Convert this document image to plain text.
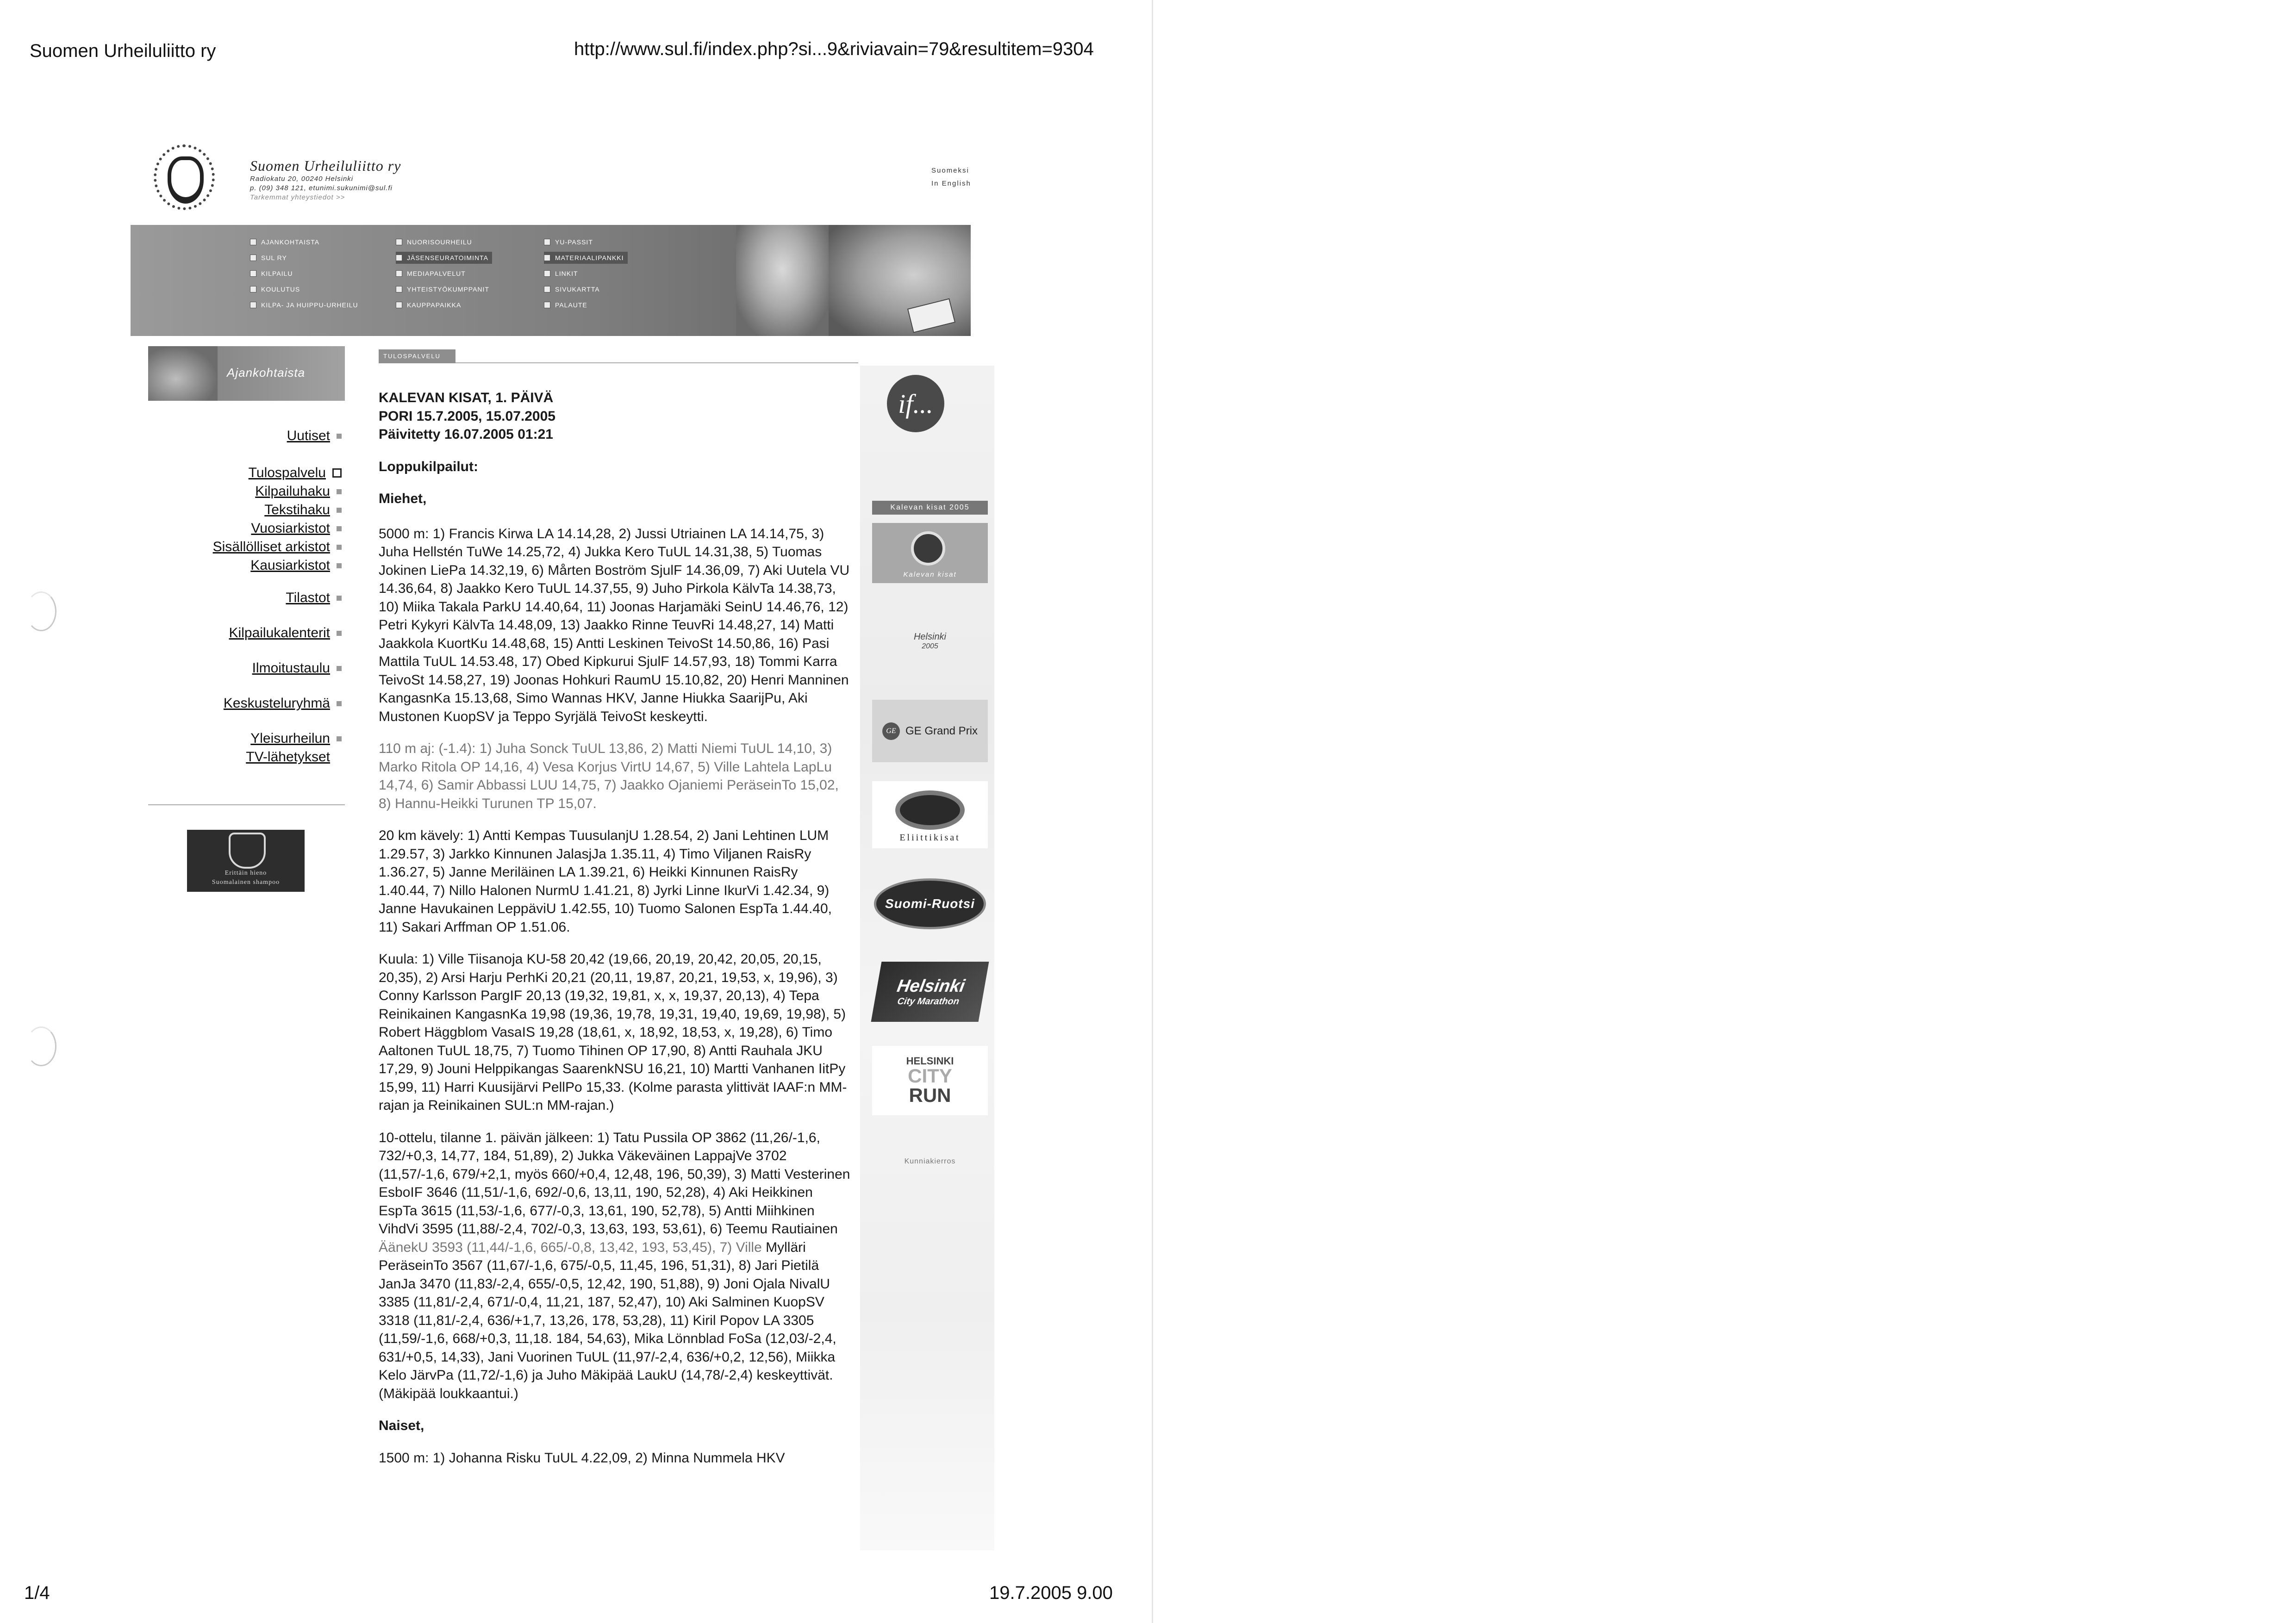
Suomen Urheiluliitto ry	http://www.sul.fi/index.php?si...9&riviavain=79&resultitem=9304
Suomen Urheiluliitto ry
Radiokatu 20, 00240 Helsinki
p. (09) 348 121, etunimi.sukunimi@sul.fi
Tarkemmat yhteystiedot >>
Suomeksi
In English
AJANKOHTAISTA
SUL RY
KILPAILU
KOULUTUS
KILPA- JA HUIPPU-URHEILU
NUORISOURHEILU
JÄSENSEURATOIMINTA
MEDIAPALVELUT
YHTEISTYÖKUMPPANIT
KAUPPAPAIKKA
YU-PASSIT
MATERIAALIPANKKI
LINKIT
SIVUKARTTA
PALAUTE
Ajankohtaista
Uutiset
Tulospalvelu
Kilpailuhaku
Tekstihaku
Vuosiarkistot
Sisällölliset arkistot
Kausiarkistot
Tilastot
Kilpailukalenterit
Ilmoitustaulu
Keskusteluryhmä
Yleisurheilun
TV-lähetykset
Erittäin hieno
Suomalainen shampoo
TULOSPALVELU
KALEVAN KISAT, 1. PÄIVÄ
PORI 15.7.2005, 15.07.2005
Päivitetty 16.07.2005 01:21

Loppukilpailut:

Miehet,

5000 m: 1) Francis Kirwa LA 14.14,28, 2) Jussi Utriainen LA 14.14,75, 3) Juha Hellstén TuWe 14.25,72, 4) Jukka Kero TuUL 14.31,38, 5) Tuomas Jokinen LiePa 14.32,19, 6) Mårten Boström SjulF 14.36,09, 7) Aki Uutela VU 14.36,64, 8) Jaakko Kero TuUL 14.37,55, 9) Juho Pirkola KälvTa 14.38,73, 10) Miika Takala ParkU 14.40,64, 11) Joonas Harjamäki SeinU 14.46,76, 12) Petri Kykyri KälvTa 14.48,09, 13) Jaakko Rinne TeuvRi 14.48,27, 14) Matti Jaakkola KuortKu 14.48,68, 15) Antti Leskinen TeivoSt 14.50,86, 16) Pasi Mattila TuUL 14.53.48, 17) Obed Kipkurui SjulF 14.57,93, 18) Tommi Karra TeivoSt 14.58,27, 19) Joonas Hohkuri RaumU 15.10,82, 20) Henri Manninen KangasnKa 15.13,68, Simo Wannas HKV, Janne Hiukka SaarijPu, Aki Mustonen KuopSV ja Teppo Syrjälä TeivoSt keskeytti.

110 m aj: (-1.4): 1) Juha Sonck TuUL 13,86, 2) Matti Niemi TuUL 14,10, 3) Marko Ritola OP 14,16, 4) Vesa Korjus VirtU 14,67, 5) Ville Lahtela LapLu 14,74, 6) Samir Abbassi LUU 14,75, 7) Jaakko Ojaniemi PeräseinTo 15,02, 8) Hannu-Heikki Turunen TP 15,07.

20 km kävely: 1) Antti Kempas TuusulanjU 1.28.54, 2) Jani Lehtinen LUM 1.29.57, 3) Jarkko Kinnunen JalasjJa 1.35.11, 4) Timo Viljanen RaisRy 1.36.27, 5) Janne Meriläinen LA 1.39.21, 6) Heikki Kinnunen RaisRy 1.40.44, 7) Nillo Halonen NurmU 1.41.21, 8) Jyrki Linne IkurVi 1.42.34, 9) Janne Havukainen LeppäviU 1.42.55, 10) Tuomo Salonen EspTa 1.44.40, 11) Sakari Arffman OP 1.51.06.

Kuula: 1) Ville Tiisanoja KU-58 20,42 (19,66, 20,19, 20,42, 20,05, 20,15, 20,35), 2) Arsi Harju PerhKi 20,21 (20,11, 19,87, 20,21, 19,53, x, 19,96), 3) Conny Karlsson PargIF 20,13 (19,32, 19,81, x, x, 19,37, 20,13), 4) Tepa Reinikainen KangasnKa 19,98 (19,36, 19,78, 19,31, 19,40, 19,69, 19,98), 5) Robert Häggblom VasaIS 19,28 (18,61, x, 18,92, 18,53, x, 19,28), 6) Timo Aaltonen TuUL 18,75, 7) Tuomo Tihinen OP 17,90, 8) Antti Rauhala JKU 17,29, 9) Jouni Helppikangas SaarenkNSU 16,21, 10) Martti Vanhanen IitPy 15,99, 11) Harri Kuusijärvi PellPo 15,33. (Kolme parasta ylittivät IAAF:n MM-rajan ja Reinikainen SUL:n MM-rajan.)

10-ottelu, tilanne 1. päivän jälkeen: 1) Tatu Pussila OP 3862 (11,26/-1,6, 732/+0,3, 14,77, 184, 51,89), 2) Jukka Väkeväinen LappajVe 3702 (11,57/-1,6, 679/+2,1, myös 660/+0,4, 12,48, 196, 50,39), 3) Matti Vesterinen EsboIF 3646 (11,51/-1,6, 692/-0,6, 13,11, 190, 52,28), 4) Aki Heikkinen EspTa 3615 (11,53/-1,6, 677/-0,3, 13,61, 190, 52,78), 5) Antti Miihkinen VihdVi 3595 (11,88/-2,4, 702/-0,3, 13,63, 193, 53,61), 6) Teemu Rautiainen ÄänekU 3593 (11,44/-1,6, 665/-0,8, 13,42, 193, 53,45), 7) Ville Mylläri PeräseinTo 3567 (11,67/-1,6, 675/-0,5, 11,45, 196, 51,31), 8) Jari Pietilä JanJa 3470 (11,83/-2,4, 655/-0,5, 12,42, 190, 51,88), 9) Joni Ojala NivalU 3385 (11,81/-2,4, 671/-0,4, 11,21, 187, 52,47), 10) Aki Salminen KuopSV 3318 (11,81/-2,4, 636/+1,7, 13,26, 178, 53,28), 11) Kiril Popov LA 3305 (11,59/-1,6, 668/+0,3, 11,18. 184, 54,63), Mika Lönnblad FoSa (12,03/-2,4, 631/+0,5, 14,33), Jani Vuorinen TuUL (11,97/-2,4, 636/+0,2, 12,56), Miikka Kelo JärvPa (11,72/-1,6) ja Juho Mäkipää LaukU (14,78/-2,4) keskeyttivät. (Mäkipää loukkaantui.)

Naiset,

1500 m: 1) Johanna Risku TuUL 4.22,09, 2) Minna Nummela HKV

if...
Kalevan kisat 2005
Kalevan kisat
Helsinki
2005
GE GE Grand Prix
Eliittikisat
Suomi-Ruotsi
Helsinki
City Marathon
HELSINKI
CITY
RUN
Kunniakierros
1/4	19.7.2005 9.00
